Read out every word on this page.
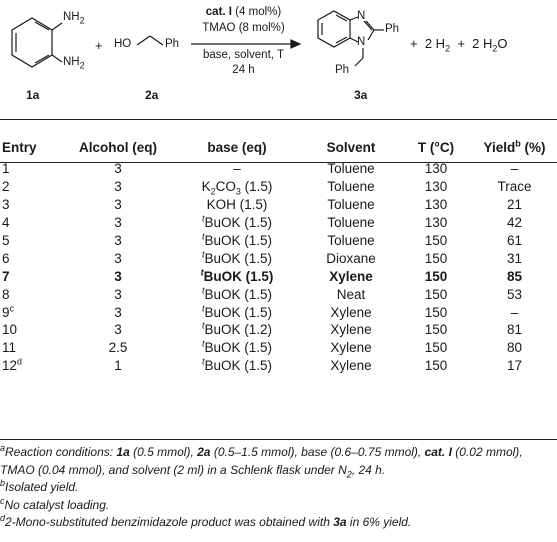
$NH_2$
$NH_2$
1a
+ HO	Ph
2a
cat. I (4 mol%)
TMAO (8 mol%)
base, solvent, T
24 h
N
Ph
N
Ph
3a
+ 2 $H_2 + 2$ $H_2O$
Entry	Alcohol (eq)	base (eq)	Solvent	T (°C)	Yield$^b$ (%)
1	3	–	Toluene	130	–
2	3	$K_2CO_3$ (1.5)	Toluene	130	Trace
3	3	KOH (1.5)	Toluene	130	21
4	3	$^t$BuOK (1.5)	Toluene	130	42
5	3	$^t$BuOK (1.5)	Toluene	150	61
6	3	$^t$BuOK (1.5)	Dioxane	150	31
7	3	$^t$BuOK (1.5)	Xylene	150	85
8	3	$^t$BuOK (1.5)	Neat	150	53
9$^c$	3	$^t$BuOK (1.5)	Xylene	150	–
10	3	$^t$BuOK (1.2)	Xylene	150	81
11	2.5	$^t$BuOK (1.5)	Xylene	150	80
12$^d$	1	$^t$BuOK (1.5)	Xylene	150	17

$^a$Reaction conditions: 1a (0.5 mmol), 2a (0.5–1.5 mmol), base (0.6–0.75 mmol), cat. I (0.02 mmol), TMAO (0.04 mmol), and solvent (2 ml) in a Schlenk flask under $N_2$, 24 h.

$^b$Isolated yield.

$^c$No catalyst loading.

$^d$2-Mono-substituted benzimidazole product was obtained with 3a in 6% yield.
